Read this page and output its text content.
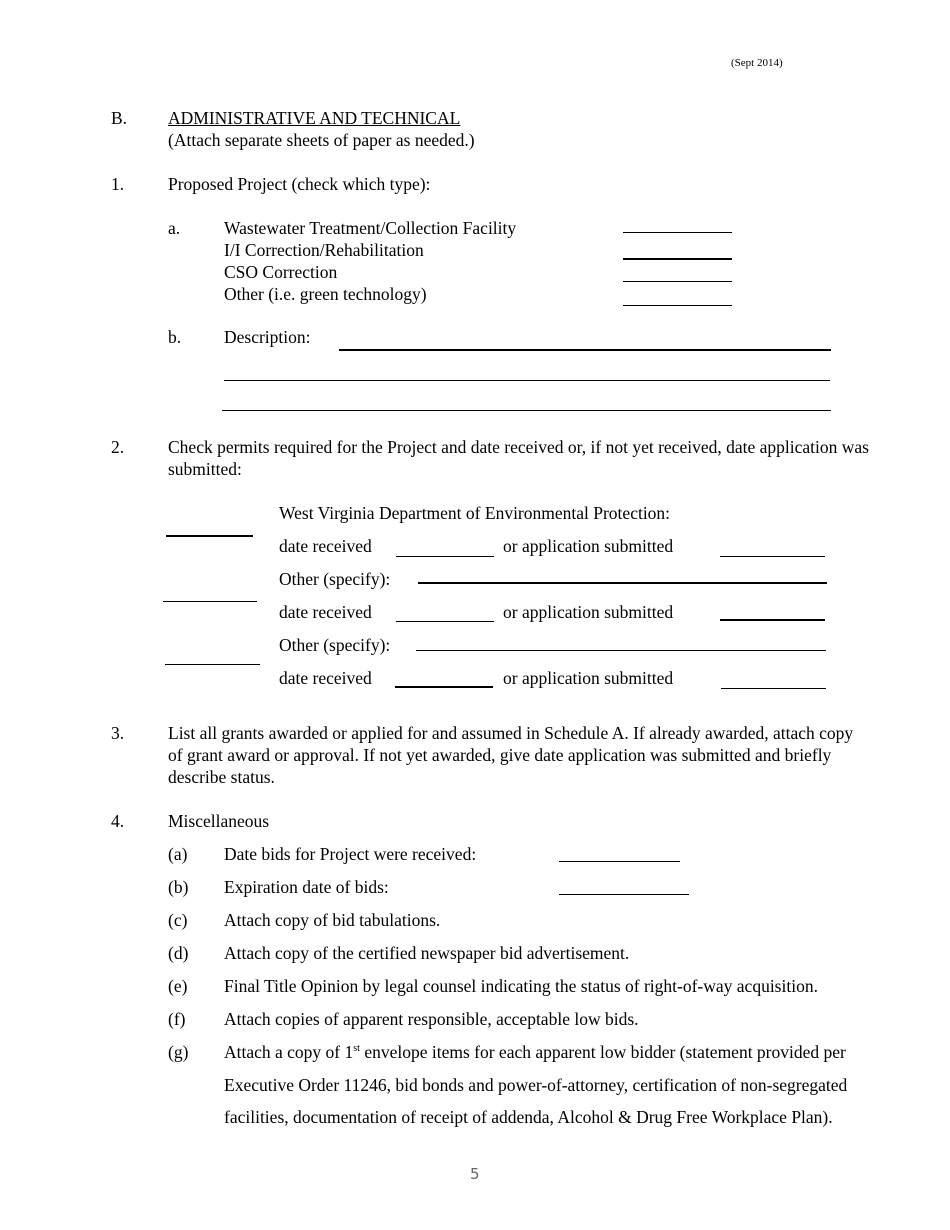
(Sept 2014)
B. ADMINISTRATIVE AND TECHNICAL
(Attach separate sheets of paper as needed.)
1.	Proposed Project (check which type):
a.	Wastewater Treatment/Collection Facility
I/I Correction/Rehabilitation
CSO Correction
Other (i.e. green technology)
b. Description:
2.	Check permits required for the Project and date received or, if not yet received, date application was submitted:
West Virginia Department of Environmental Protection:
date received	or application submitted
Other (specify):
date received	or application submitted
Other (specify):
date received	or application submitted
3.	List all grants awarded or applied for and assumed in Schedule A. If already awarded, attach copy of grant award or approval. If not yet awarded, give date application was submitted and briefly describe status.
4.	Miscellaneous
(a) Date bids for Project were received:
(b) Expiration date of bids:
(c) Attach copy of bid tabulations.
(d) Attach copy of the certified newspaper bid advertisement.
(e) Final Title Opinion by legal counsel indicating the status of right-of-way acquisition.
(f) Attach copies of apparent responsible, acceptable low bids.
(g) Attach a copy of 1st envelope items for each apparent low bidder (statement provided per
Executive Order 11246, bid bonds and power-of-attorney, certification of non-segregated
facilities, documentation of receipt of addenda, Alcohol & Drug Free Workplace Plan).
5
